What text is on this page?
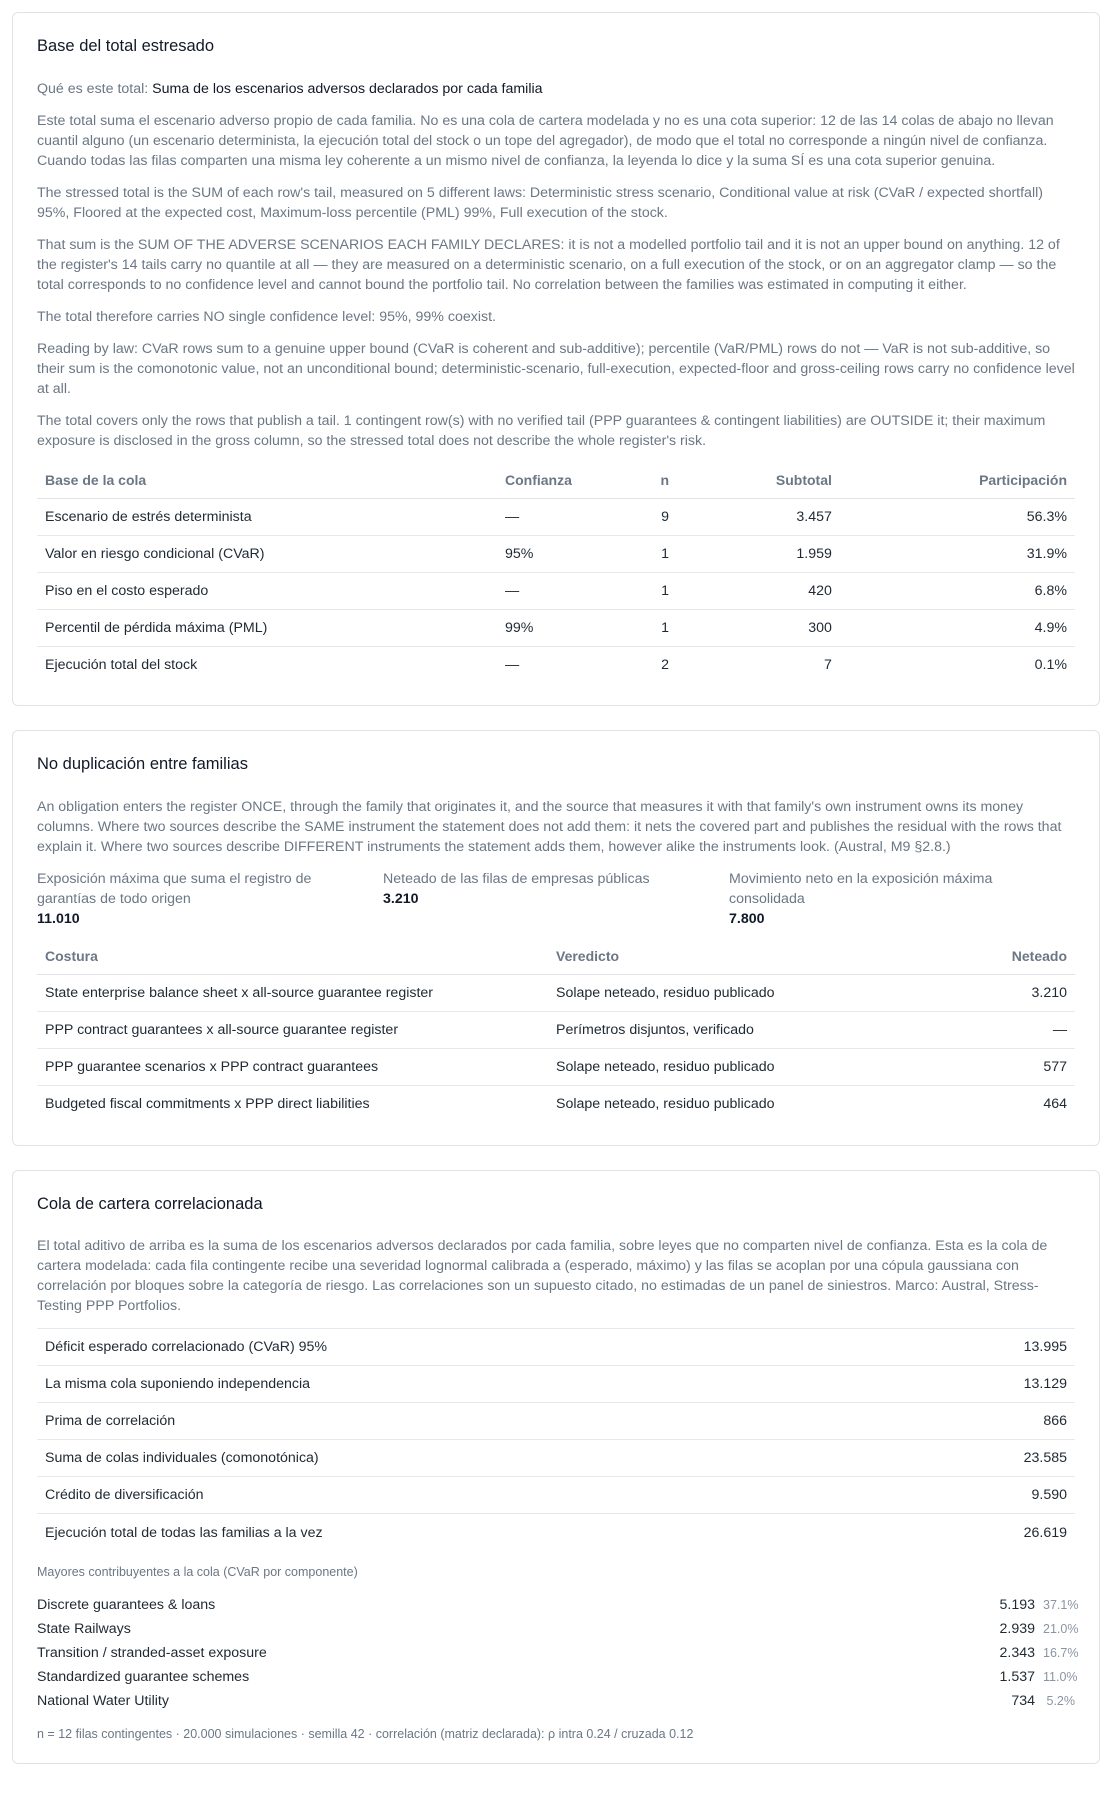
Base del total estresado
Qué es este total: Suma de los escenarios adversos declarados por cada familia

Este total suma el escenario adverso propio de cada familia. No es una cola de cartera modelada y no es una cota superior: 12 de las 14 colas de abajo no llevan cuantil alguno (un escenario determinista, la ejecución total del stock o un tope del agregador), de modo que el total no corresponde a ningún nivel de confianza. Cuando todas las filas comparten una misma ley coherente a un mismo nivel de confianza, la leyenda lo dice y la suma SÍ es una cota superior genuina.

The stressed total is the SUM of each row's tail, measured on 5 different laws: Deterministic stress scenario, Conditional value at risk (CVaR / expected shortfall) 95%, Floored at the expected cost, Maximum-loss percentile (PML) 99%, Full execution of the stock.

That sum is the SUM OF THE ADVERSE SCENARIOS EACH FAMILY DECLARES: it is not a modelled portfolio tail and it is not an upper bound on anything. 12 of the register's 14 tails carry no quantile at all — they are measured on a deterministic scenario, on a full execution of the stock, or on an aggregator clamp — so the total corresponds to no confidence level and cannot bound the portfolio tail. No correlation between the families was estimated in computing it either.

The total therefore carries NO single confidence level: 95%, 99% coexist.

Reading by law: CVaR rows sum to a genuine upper bound (CVaR is coherent and sub-additive); percentile (VaR/PML) rows do not — VaR is not sub-additive, so their sum is the comonotonic value, not an unconditional bound; deterministic-scenario, full-execution, expected-floor and gross-ceiling rows carry no confidence level at all.

The total covers only the rows that publish a tail. 1 contingent row(s) with no verified tail (PPP guarantees & contingent liabilities) are OUTSIDE it; their maximum exposure is disclosed in the gross column, so the stressed total does not describe the whole register's risk.

Base de la cola	Confianza	n	Subtotal	Participación
Escenario de estrés determinista	—	9	3.457	56.3%
Valor en riesgo condicional (CVaR)	95%	1	1.959	31.9%
Piso en el costo esperado	—	1	420	6.8%
Percentil de pérdida máxima (PML)	99%	1	300	4.9%
Ejecución total del stock	—	2	7	0.1%
No duplicación entre familias

An obligation enters the register ONCE, through the family that originates it, and the source that measures it with that family's own instrument owns its money columns. Where two sources describe the SAME instrument the statement does not add them: it nets the covered part and publishes the residual with the rows that explain it. Where two sources describe DIFFERENT instruments the statement adds them, however alike the instruments look. (Austral, M9 §2.8.)

Exposición máxima que suma el registro de garantías de todo origen
11.010
Neteado de las filas de empresas públicas
3.210
Movimiento neto en la exposición máxima consolidada
7.800
Costura	Veredicto	Neteado
State enterprise balance sheet x all-source guarantee register	Solape neteado, residuo publicado	3.210
PPP contract guarantees x all-source guarantee register	Perímetros disjuntos, verificado	—
PPP guarantee scenarios x PPP contract guarantees	Solape neteado, residuo publicado	577
Budgeted fiscal commitments x PPP direct liabilities	Solape neteado, residuo publicado	464
Cola de cartera correlacionada

El total aditivo de arriba es la suma de los escenarios adversos declarados por cada familia, sobre leyes que no comparten nivel de confianza. Esta es la cola de cartera modelada: cada fila contingente recibe una severidad lognormal calibrada a (esperado, máximo) y las filas se acoplan por una cópula gaussiana con correlación por bloques sobre la categoría de riesgo. Las correlaciones son un supuesto citado, no estimadas de un panel de siniestros. Marco: Austral, Stress-Testing PPP Portfolios.

Déficit esperado correlacionado (CVaR) 95%	13.995
La misma cola suponiendo independencia	13.129
Prima de correlación	866
Suma de colas individuales (comonotónica)	23.585
Crédito de diversificación	9.590
Ejecución total de todas las familias a la vez	26.619
Mayores contribuyentes a la cola (CVaR por componente)
Discrete guarantees & loans	5.193 37.1%
State Railways	2.939 21.0%
Transition / stranded-asset exposure	2.343 16.7%
Standardized guarantee schemes	1.537 11.0%
National Water Utility	734 5.2%
n = 12 filas contingentes · 20.000 simulaciones · semilla 42 · correlación (matriz declarada): ρ intra 0.24 / cruzada 0.12
